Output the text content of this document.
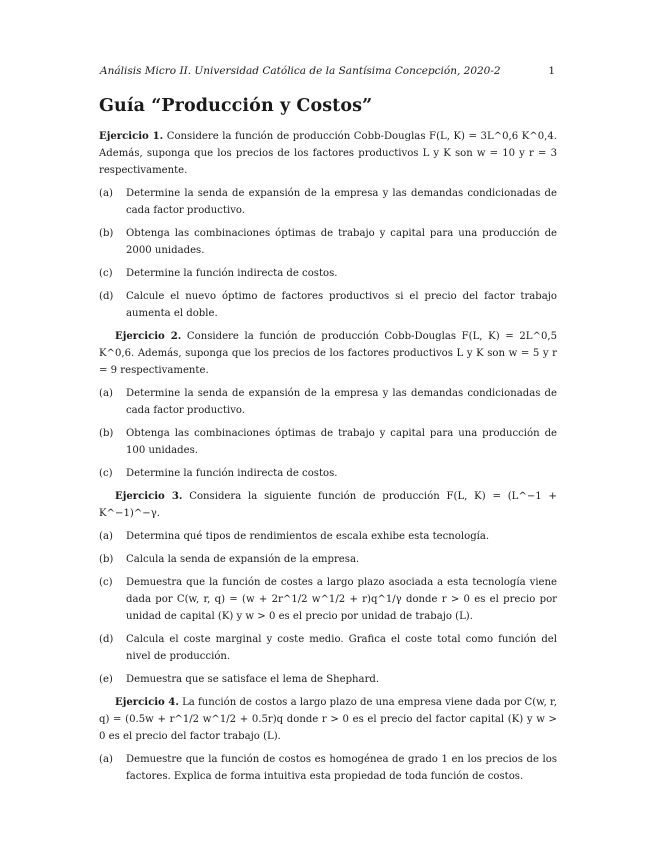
Análisis Micro II. Universidad Católica de la Santísima Concepción, 2020-2	1
Guía “Producción y Costos”

Ejercicio 1. Considere la función de producción Cobb-Douglas F(L, K) = 3L^0,6 K^0,4. Además, suponga que los precios de los factores productivos L y K son w = 10 y r = 3 respectivamente.

(a)	Determine la senda de expansión de la empresa y las demandas condicionadas de cada factor productivo.
(b)	Obtenga las combinaciones óptimas de trabajo y capital para una producción de 2000 unidades.
(c)	Determine la función indirecta de costos.
(d)	Calcule el nuevo óptimo de factores productivos si el precio del factor trabajo aumenta el doble.

Ejercicio 2. Considere la función de producción Cobb-Douglas F(L, K) = 2L^0,5 K^0,6. Además, suponga que los precios de los factores productivos L y K son w = 5 y r = 9 respectivamente.

(a)	Determine la senda de expansión de la empresa y las demandas condicionadas de cada factor productivo.
(b)	Obtenga las combinaciones óptimas de trabajo y capital para una producción de 100 unidades.
(c)	Determine la función indirecta de costos.

Ejercicio 3. Considera la siguiente función de producción F(L, K) = (L^−1 + K^−1)^−γ.

(a)	Determina qué tipos de rendimientos de escala exhibe esta tecnología.
(b)	Calcula la senda de expansión de la empresa.
(c)	Demuestra que la función de costes a largo plazo asociada a esta tecnología viene dada por C(w, r, q) = (w + 2r^1/2 w^1/2 + r)q^1/γ donde r > 0 es el precio por unidad de capital (K) y w > 0 es el precio por unidad de trabajo (L).
(d)	Calcula el coste marginal y coste medio. Grafica el coste total como función del nivel de producción.
(e)	Demuestra que se satisface el lema de Shephard.

Ejercicio 4. La función de costos a largo plazo de una empresa viene dada por C(w, r, q) = (0.5w + r^1/2 w^1/2 + 0.5r)q donde r > 0 es el precio del factor capital (K) y w > 0 es el precio del factor trabajo (L).

(a)	Demuestre que la función de costos es homogénea de grado 1 en los precios de los factores. Explica de forma intuitiva esta propiedad de toda función de costos.
